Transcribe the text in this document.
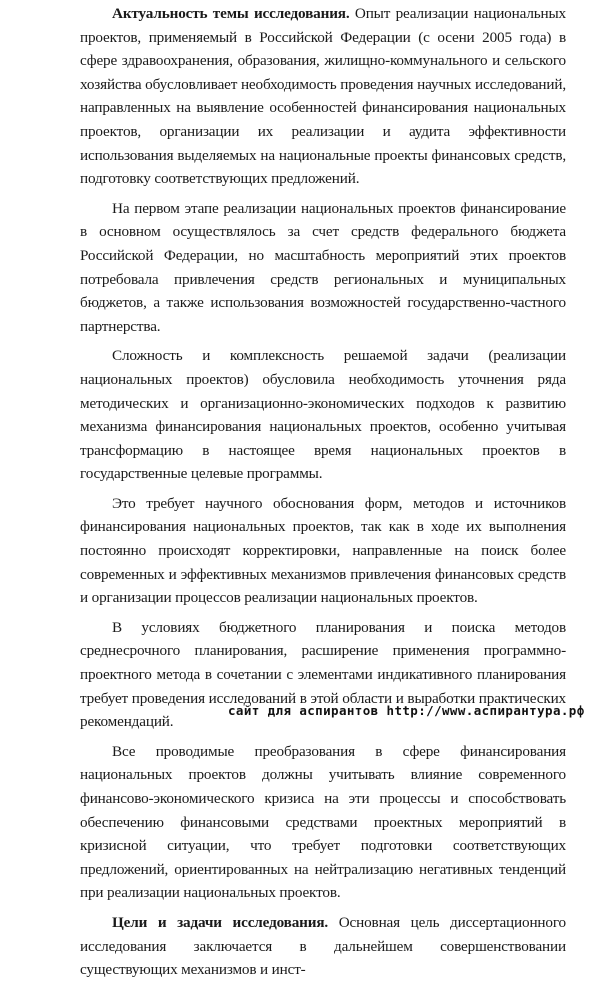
Актуальность темы исследования. Опыт реализации национальных проектов, применяемый в Российской Федерации (с осени 2005 года) в сфере здравоохранения, образования, жилищно-коммунального и сельского хозяйства обусловливает необходимость проведения научных исследований, направленных на выявление особенностей финансирования национальных проектов, организации их реализации и аудита эффективности использования выделяемых на национальные проекты финансовых средств, подготовку соответствующих предложений.

На первом этапе реализации национальных проектов финансирование в основном осуществлялось за счет средств федерального бюджета Российской Федерации, но масштабность мероприятий этих проектов потребовала привлечения средств региональных и муниципальных бюджетов, а также использования возможностей государственно-частного партнерства.

Сложность и комплексность решаемой задачи (реализации национальных проектов) обусловила необходимость уточнения ряда методических и организационно-экономических подходов к развитию механизма финансирования национальных проектов, особенно учитывая трансформацию в настоящее время национальных проектов в государственные целевые программы.

Это требует научного обоснования форм, методов и источников финансирования национальных проектов, так как в ходе их выполнения постоянно происходят корректировки, направленные на поиск более современных и эффективных механизмов привлечения финансовых средств и организации процессов реализации национальных проектов.

В условиях бюджетного планирования и поиска методов среднесрочного планирования, расширение применения программно-проектного метода в сочетании с элементами индикативного планирования требует проведения исследований в этой области и выработки практических рекомендаций.

Все проводимые преобразования в сфере финансирования национальных проектов должны учитывать влияние современного финансово-экономического кризиса на эти процессы и способствовать обеспечению финансовыми средствами проектных мероприятий в кризисной ситуации, что требует подготовки соответствующих предложений, ориентированных на нейтрализацию негативных тенденций при реализации национальных проектов.

Цели и задачи исследования. Основная цель диссертационного исследования заключается в дальнейшем совершенствовании существующих механизмов и инст-

сайт для аспирантов http://www.аспирантура.рф
